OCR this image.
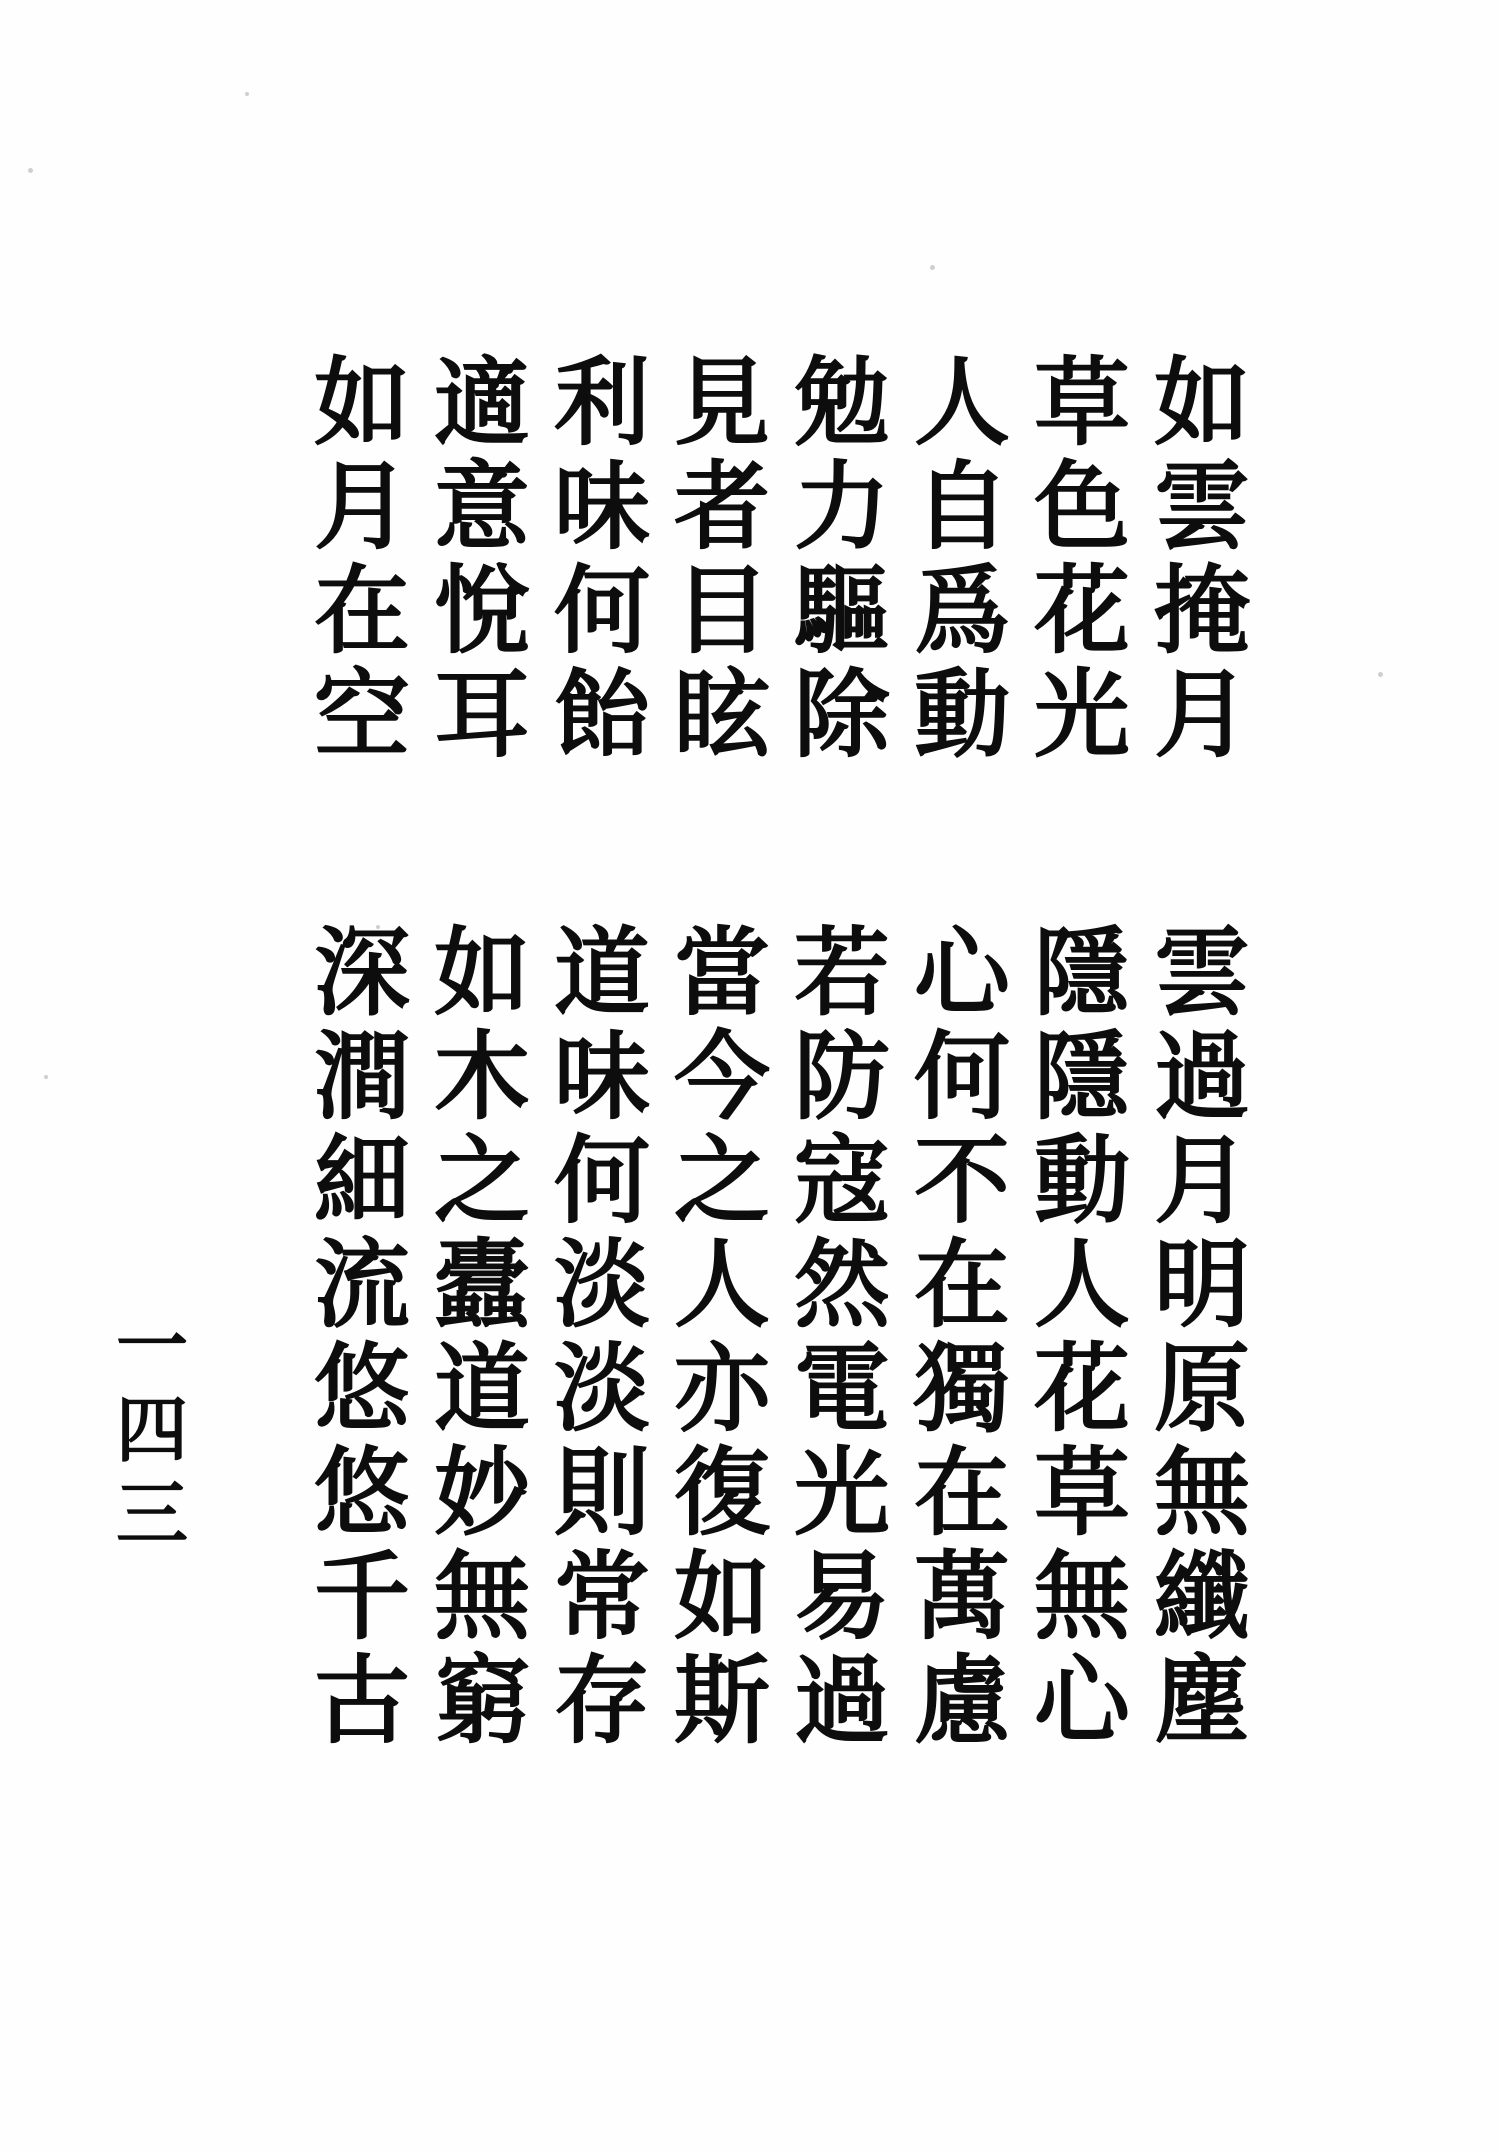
如
雲
掩
月
草
色
花
光
人
自
爲
動
勉
力
驅
除
見
者
目
眩
利
味
何
飴
適
意
悅
耳
如
月
在
空
雲
過
月
明
原
無
纖
塵
隱
隱
動
人
花
草
無
心
心
何
不
在
獨
在
萬
慮
若
防
寇
然
電
光
易
過
當
今
之
人
亦
復
如
斯
道
味
何
淡
淡
則
常
存
如
木
之
蠹
道
妙
無
窮
深
澗
細
流
悠
悠
千
古
一
四
三
